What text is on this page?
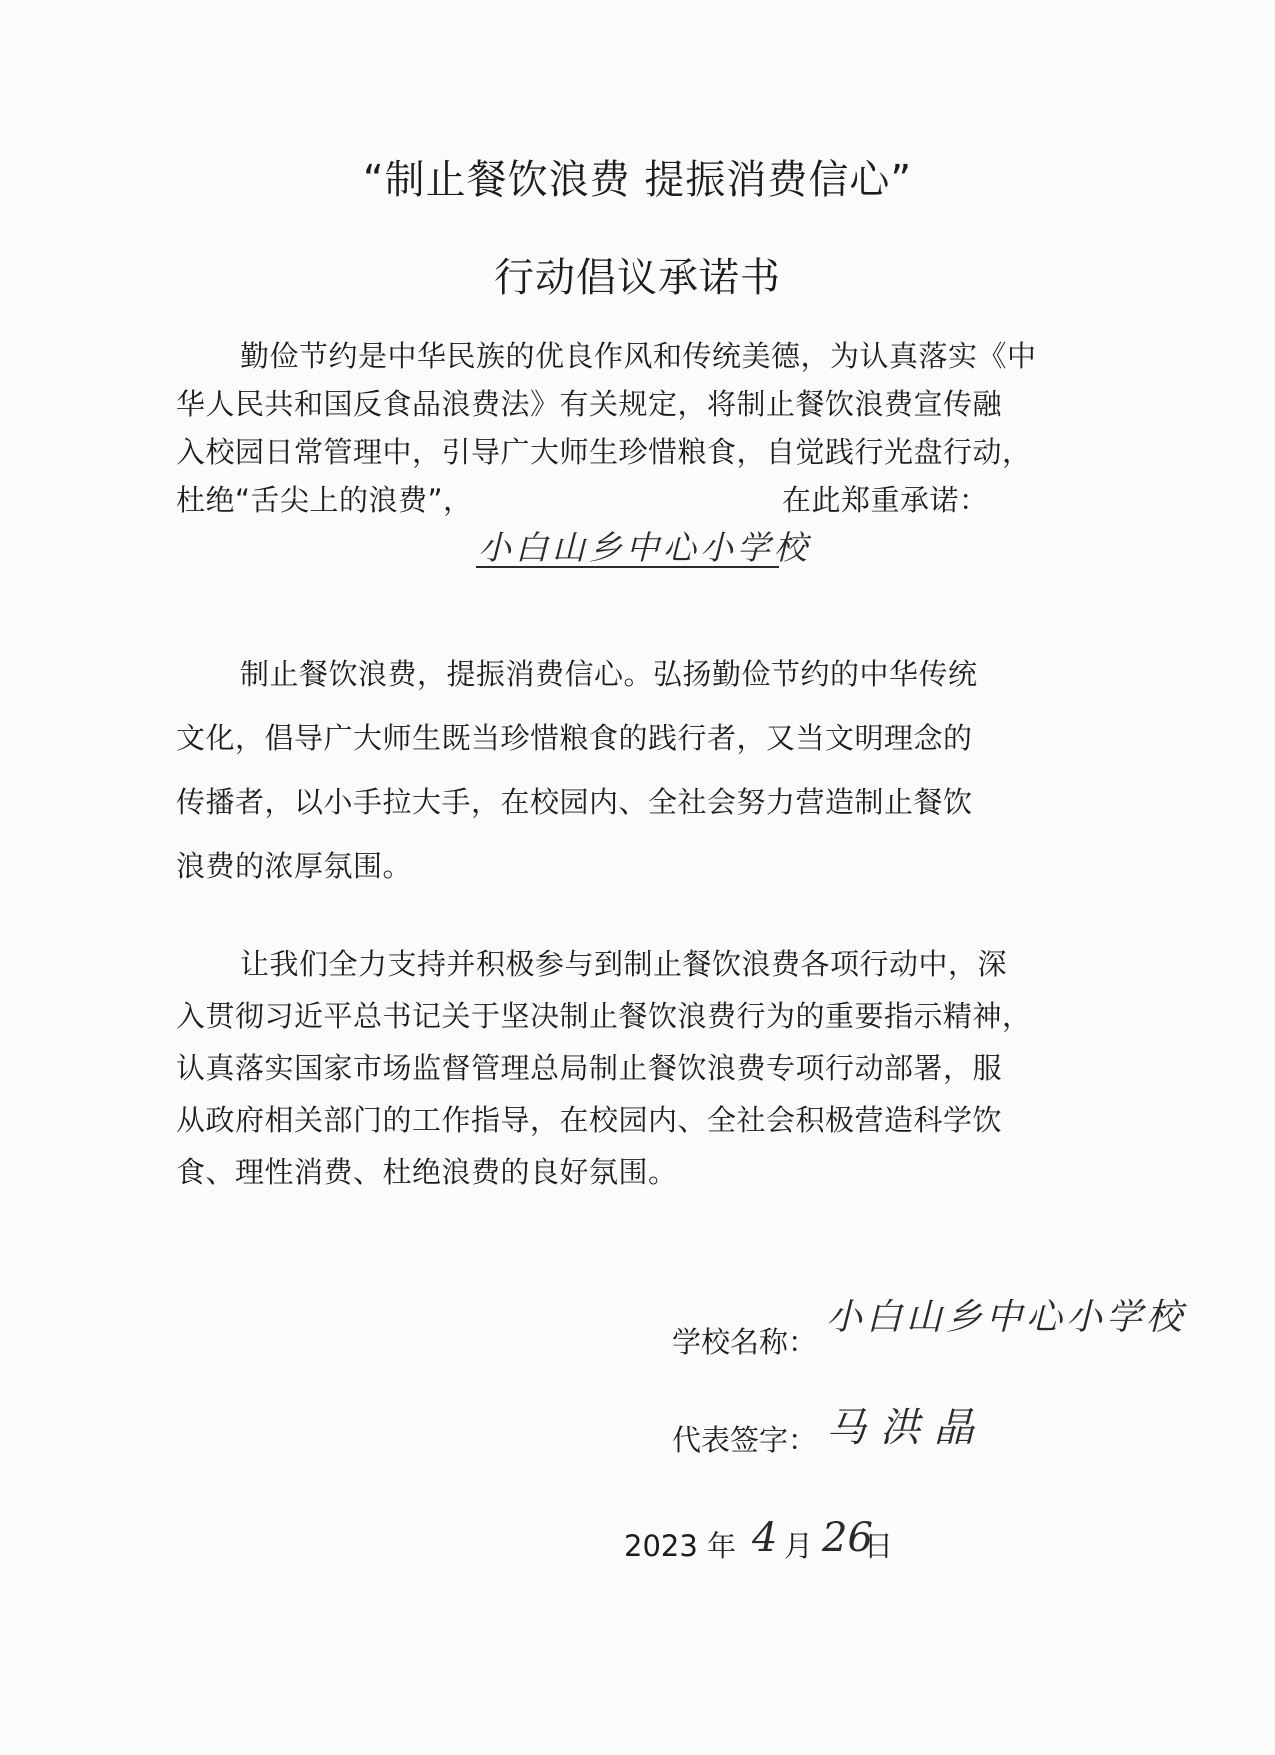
“制止餐饮浪费 提振消费信心”
行动倡议承诺书
勤俭节约是中华民族的优良作风和传统美德，为认真落实《中
华人民共和国反食品浪费法》有关规定，将制止餐饮浪费宣传融
入校园日常管理中，引导广大师生珍惜粮食，自觉践行光盘行动，
杜绝“舌尖上的浪费”，
小白山乡中心小学校
在此郑重承诺：
制止餐饮浪费，提振消费信心。弘扬勤俭节约的中华传统
文化，倡导广大师生既当珍惜粮食的践行者，又当文明理念的
传播者，以小手拉大手，在校园内、全社会努力营造制止餐饮
浪费的浓厚氛围。
让我们全力支持并积极参与到制止餐饮浪费各项行动中，深
入贯彻习近平总书记关于坚决制止餐饮浪费行为的重要指示精神，
认真落实国家市场监督管理总局制止餐饮浪费专项行动部署，服
从政府相关部门的工作指导，在校园内、全社会积极营造科学饮
食、理性消费、杜绝浪费的良好氛围。
学校名称：
小白山乡中心小学校
代表签字： 马洪晶
2023 年 4 月 26
日
